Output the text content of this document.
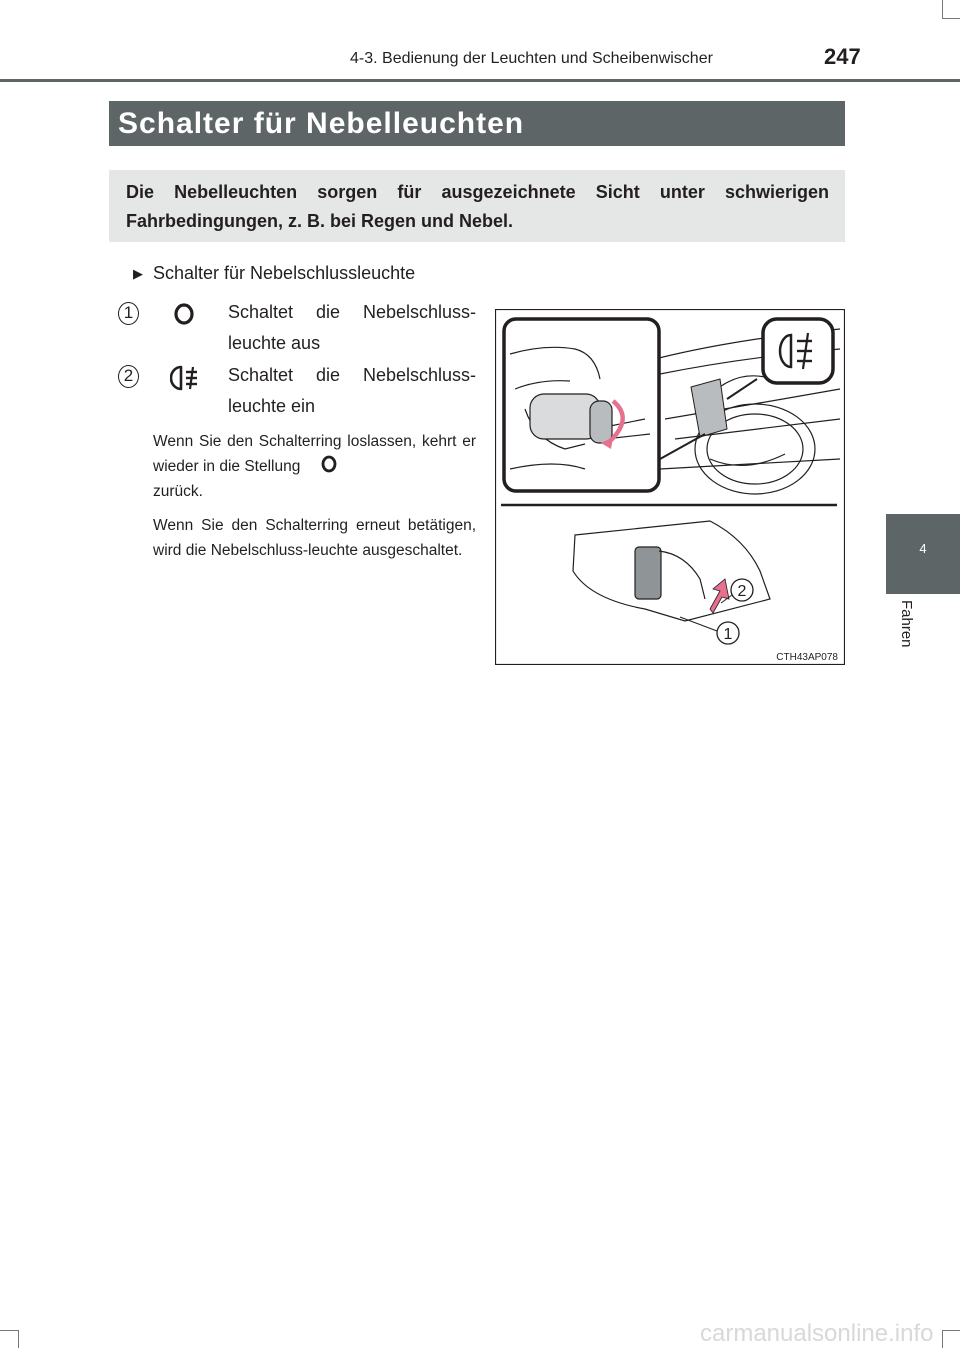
4-3. Bedienung der Leuchten und Scheibenwischer	247
Schalter für Nebelleuchten
Die Nebelleuchten sorgen für ausgezeichnete Sicht unter schwierigen Fahrbedingungen, z. B. bei Regen und Nebel.
▶ Schalter für Nebelschlussleuchte
1	Schaltet die Nebelschluss-leuchte aus
2	Schaltet die Nebelschluss-leuchte ein
Wenn Sie den Schalterring loslassen, kehrt er wieder in die Stellung
zurück.
Wenn Sie den Schalterring erneut betätigen, wird die Nebelschluss-leuchte ausgeschaltet.
2
1
CTH43AP078
4
Fahren
carmanualsonline.info
